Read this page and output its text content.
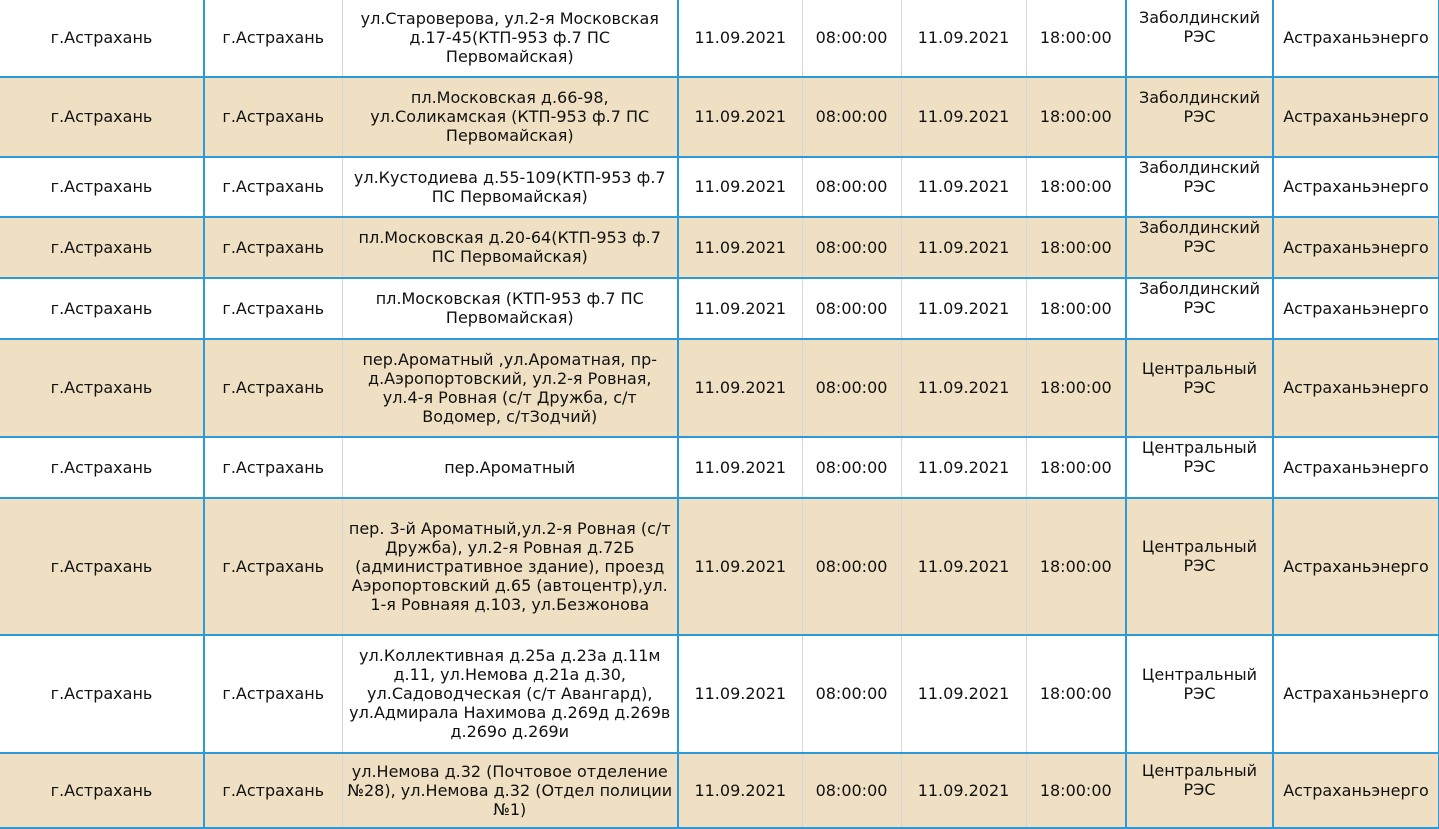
г.Астрахань	г.Астрахань	ул.Староверова, ул.2-я Московская д.17-45(КТП-953 ф.7 ПС Первомайская)	11.09.2021	08:00:00	11.09.2021	18:00:00	Заболдинский РЭС	Астраханьэнерго
г.Астрахань	г.Астрахань	пл.Московская д.66-98, ул.Соликамская (КТП-953 ф.7 ПС Первомайская)	11.09.2021	08:00:00	11.09.2021	18:00:00	Заболдинский РЭС	Астраханьэнерго
г.Астрахань	г.Астрахань	ул.Кустодиева д.55-109(КТП-953 ф.7 ПС Первомайская)	11.09.2021	08:00:00	11.09.2021	18:00:00	Заболдинский РЭС	Астраханьэнерго
г.Астрахань	г.Астрахань	пл.Московская д.20-64(КТП-953 ф.7 ПС Первомайская)	11.09.2021	08:00:00	11.09.2021	18:00:00	Заболдинский РЭС	Астраханьэнерго
г.Астрахань	г.Астрахань	пл.Московская (КТП-953 ф.7 ПС Первомайская)	11.09.2021	08:00:00	11.09.2021	18:00:00	Заболдинский РЭС	Астраханьэнерго
г.Астрахань	г.Астрахань	пер.Ароматный ,ул.Ароматная, пр-д.Аэропортовский, ул.2-я Ровная, ул.4-я Ровная (с/т Дружба, с/т Водомер, с/тЗодчий)	11.09.2021	08:00:00	11.09.2021	18:00:00	Центральный РЭС	Астраханьэнерго
г.Астрахань	г.Астрахань	пер.Ароматный	11.09.2021	08:00:00	11.09.2021	18:00:00	Центральный РЭС	Астраханьэнерго
г.Астрахань	г.Астрахань	пер. 3-й Ароматный,ул.2-я Ровная (с/т Дружба), ул.2-я Ровная д.72Б (административное здание), проезд Аэропортовский д.65 (автоцентр),ул. 1-я Ровнаяя д.103, ул.Безжонова	11.09.2021	08:00:00	11.09.2021	18:00:00	Центральный РЭС	Астраханьэнерго
г.Астрахань	г.Астрахань	ул.Коллективная д.25а д.23а д.11м д.11, ул.Немова д.21а д.30, ул.Садоводческая (с/т Авангард), ул.Адмирала Нахимова д.269д д.269в д.269о д.269и	11.09.2021	08:00:00	11.09.2021	18:00:00	Центральный РЭС	Астраханьэнерго
г.Астрахань	г.Астрахань	ул.Немова д.32 (Почтовое отделение №28), ул.Немова д.32 (Отдел полиции №1)	11.09.2021	08:00:00	11.09.2021	18:00:00	Центральный РЭС	Астраханьэнерго
